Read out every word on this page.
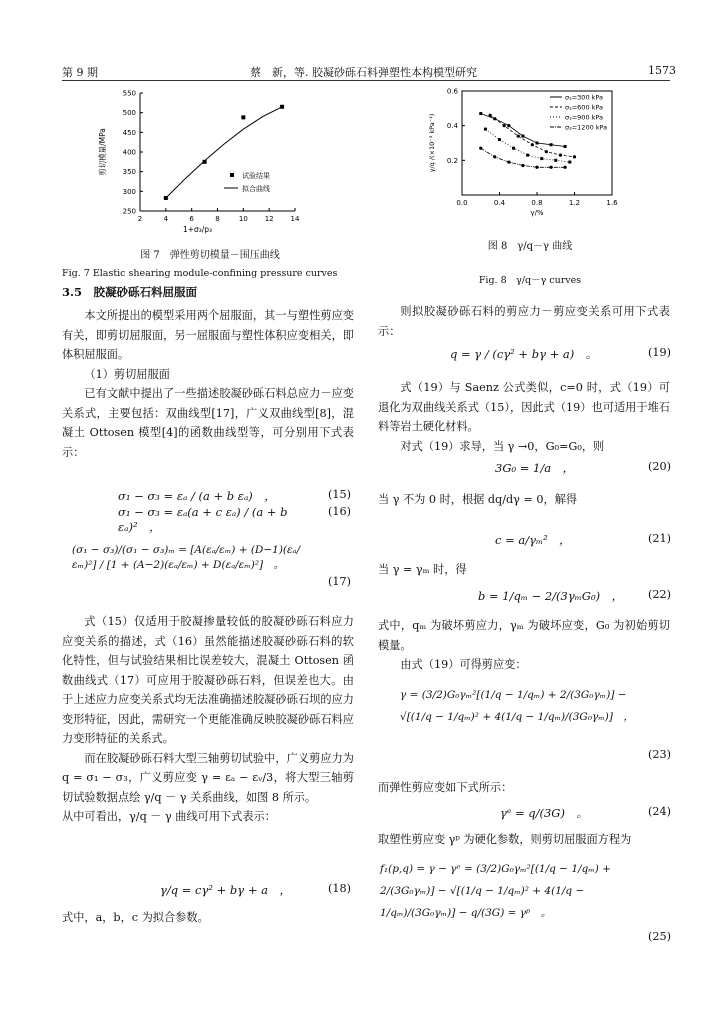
第 9 期	蔡　新，等. 胶凝砂砾石料弹塑性本构模型研究	1573
2	4	6	8	10 12 14
250
300
350
400
450
500
550
1+σ₃/p₃
剪切模量/MPa
试验结果
拟合曲线
图 7　弹性剪切模量－围压曲线
Fig. 7 Elastic shearing module-confining pressure curves
0.0	0.4	0.8	1.2	1.6
0.2
0.4
0.6
γ/%
γ/q /(×10⁻³ kPa⁻¹)
σ₃=300 kPa
σ₃=600 kPa
σ₃=900 kPa
σ₃=1200 kPa
图 8　γ/q－γ 曲线
Fig. 8　γ/q－γ curves
3.5　胶凝砂砾石料屈服面

本文所提出的模型采用两个屈服面，其一与塑性剪应变有关，即剪切屈服面，另一屈服面与塑性体积应变相关，即体积屈服面。

（1）剪切屈服面

已有文献中提出了一些描述胶凝砂砾石料总应力－应变关系式，主要包括：双曲线型[17]，广义双曲线型[8]，混凝土 Ottosen 模型[4]的函数曲线型等，可分别用下式表示：

σ₁ − σ₃ = εₐ / (a + b εₐ)　，	(15)
σ₁ − σ₃ = εₐ(a + c εₐ) / (a + b εₐ)²　，
(16)
(σ₁ − σ₃)/(σ₁ − σ₃)ₘ = [A(εₐ/εₘ) + (D−1)(εₐ/εₘ)²] / [1 + (A−2)(εₐ/εₘ) + D(εₐ/εₘ)²]　。
(17)

式（15）仅适用于胶凝掺量较低的胶凝砂砾石料应力应变关系的描述，式（16）虽然能描述胶凝砂砾石料的软化特性，但与试验结果相比误差较大，混凝土 Ottosen 函数曲线式（17）可应用于胶凝砂砾石料，但误差也大。由于上述应力应变关系式均无法准确描述胶凝砂砾石坝的应力变形特征，因此，需研究一个更能准确反映胶凝砂砾石料应力变形特征的关系式。

而在胶凝砂砾石料大型三轴剪切试验中，广义剪应力为 q = σ₁ − σ₃，广义剪应变 γ = εₐ − εᵥ/3，将大型三轴剪切试验数据点绘 γ/q － γ 关系曲线，如图 8 所示。

从中可看出，γ/q － γ 曲线可用下式表示：

γ/q = cγ² + bγ + a　，	(18)

式中，a，b，c 为拟合参数。

则拟胶凝砂砾石料的剪应力－剪应变关系可用下式表示：

q = γ / (cγ² + bγ + a)　。	(19)

式（19）与 Saenz 公式类似，c=0 时，式（19）可退化为双曲线关系式（15），因此式（19）也可适用于堆石料等岩土硬化材料。

对式（19）求导，当 γ →0，G₀=G₀，则

3G₀ = 1/a　，	(20)

当 γ 不为 0 时，根据 dq/dγ = 0，解得

c = a/γₘ²　，	(21)

当 γ = γₘ 时，得

b = 1/qₘ − 2/(3γₘG₀)　， (22)

式中，qₘ 为破坏剪应力，γₘ 为破坏应变，G₀ 为初始剪切模量。

由式（19）可得剪应变：

γ = (3/2)G₀γₘ²[(1/q − 1/qₘ) + 2/(3G₀γₘ)] − √[(1/q − 1/qₘ)² + 4(1/q − 1/qₘ)/(3G₀γₘ)]　，
(23)

而弹性剪应变如下式所示：

γᵉ = q/(3G)　。	(24)

取塑性剪应变 γᵖ 为硬化参数，则剪切屈服面方程为

f₁(p,q) = γ − γᵉ = (3/2)G₀γₘ²[(1/q − 1/qₘ) + 2/(3G₀γₘ)] − √[(1/q − 1/qₘ)² + 4(1/q − 1/qₘ)/(3G₀γₘ)] − q/(3G) = γᵖ　。
(25)
